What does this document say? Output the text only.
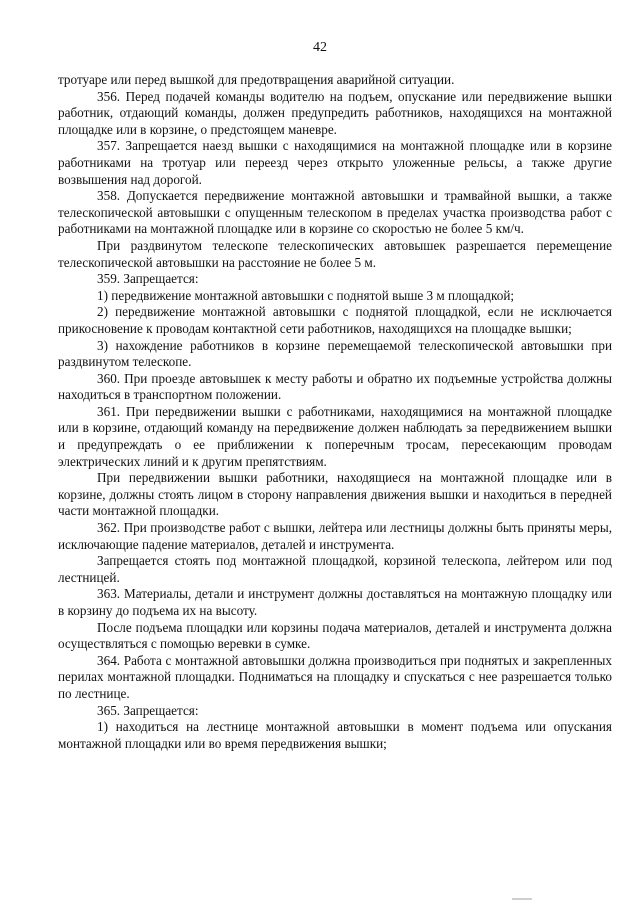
42

тротуаре или перед вышкой для предотвращения аварийной ситуации.

356. Перед подачей команды водителю на подъем, опускание или передвижение вышки работник, отдающий команды, должен предупредить работников, находящихся на монтажной площадке или в корзине, о предстоящем маневре.

357. Запрещается наезд вышки с находящимися на монтажной площадке или в корзине работниками на тротуар или переезд через открыто уложенные рельсы, а также другие возвышения над дорогой.

358. Допускается передвижение монтажной автовышки и трамвайной вышки, а также телескопической автовышки с опущенным телескопом в пределах участка производства работ с работниками на монтажной площадке или в корзине со скоростью не более 5 км/ч.

При раздвинутом телескопе телескопических автовышек разрешается перемещение телескопической автовышки на расстояние не более 5 м.

359. Запрещается:

1) передвижение монтажной автовышки с поднятой выше 3 м площадкой;

2) передвижение монтажной автовышки с поднятой площадкой, если не исключается прикосновение к проводам контактной сети работников, находящихся на площадке вышки;

3) нахождение работников в корзине перемещаемой телескопической автовышки при раздвинутом телескопе.

360. При проезде автовышек к месту работы и обратно их подъемные устройства должны находиться в транспортном положении.

361. При передвижении вышки с работниками, находящимися на монтажной площадке или в корзине, отдающий команду на передвижение должен наблюдать за передвижением вышки и предупреждать о ее приближении к поперечным тросам, пересекающим проводам электрических линий и к другим препятствиям.

При передвижении вышки работники, находящиеся на монтажной площадке или в корзине, должны стоять лицом в сторону направления движения вышки и находиться в передней части монтажной площадки.

362. При производстве работ с вышки, лейтера или лестницы должны быть приняты меры, исключающие падение материалов, деталей и инструмента.

Запрещается стоять под монтажной площадкой, корзиной телескопа, лейтером или под лестницей.

363. Материалы, детали и инструмент должны доставляться на монтажную площадку или в корзину до подъема их на высоту.

После подъема площадки или корзины подача материалов, деталей и инструмента должна осуществляться с помощью веревки в сумке.

364. Работа с монтажной автовышки должна производиться при поднятых и закрепленных перилах монтажной площадки. Подниматься на площадку и спускаться с нее разрешается только по лестнице.

365. Запрещается:

1) находиться на лестнице монтажной автовышки в момент подъема или опускания монтажной площадки или во время передвижения вышки;
